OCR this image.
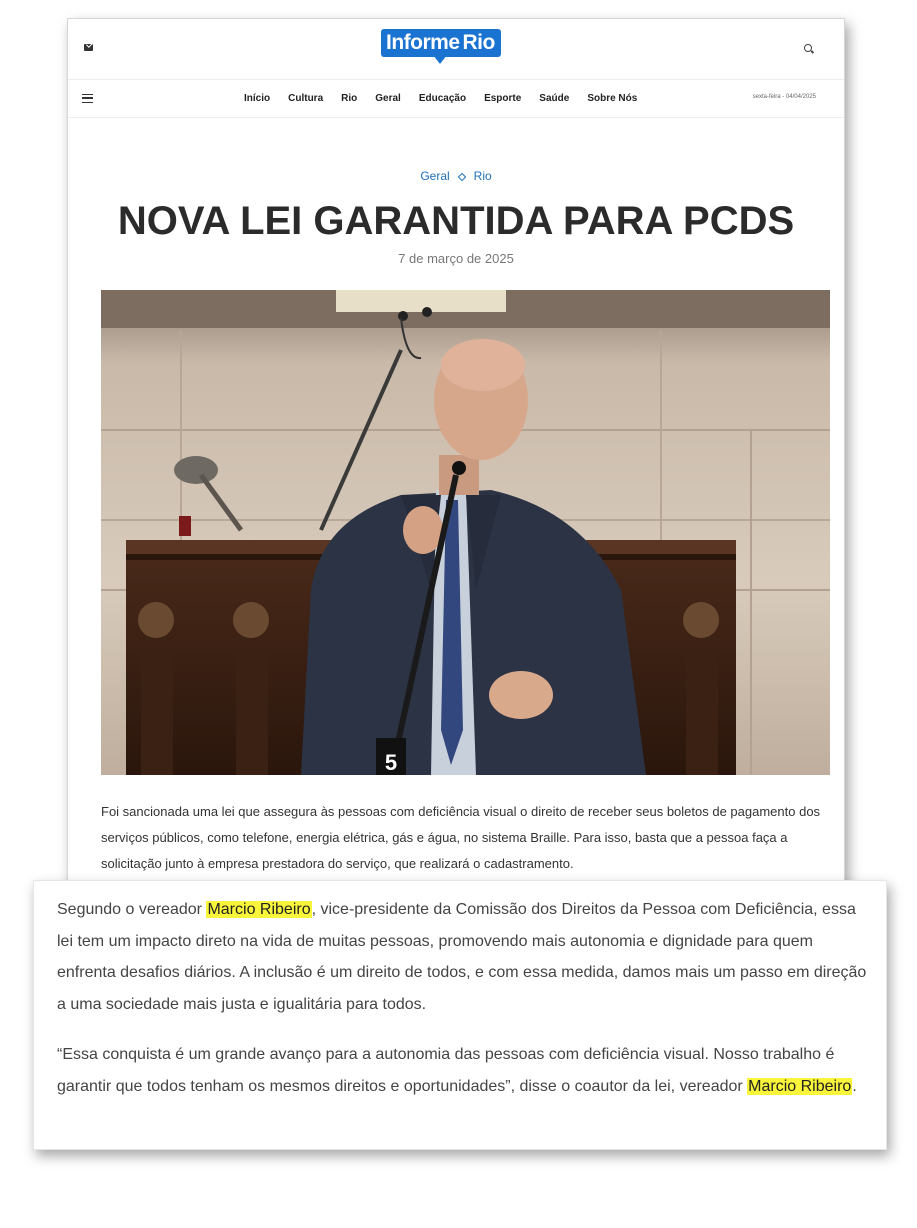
Informe Rio
Início Cultura Rio Geral Educação Esporte Saúde Sobre Nós	sexta-feira - 04/04/2025
Geral Rio
NOVA LEI GARANTIDA PARA PCDS
7 de março de 2025
5

Foi sancionada uma lei que assegura às pessoas com deficiência visual o direito de receber seus boletos de pagamento dos serviços públicos, como telefone, energia elétrica, gás e água, no sistema Braille. Para isso, basta que a pessoa faça a solicitação junto à empresa prestadora do serviço, que realizará o cadastramento.

Segundo o vereador Marcio Ribeiro, vice-presidente da Comissão dos Direitos da Pessoa com Deficiência, essa lei tem um impacto direto na vida de muitas pessoas, promovendo mais autonomia e dignidade para quem enfrenta desafios diários. A inclusão é um direito de todos, e com essa medida, damos mais um passo em direção a uma sociedade mais justa e igualitária para todos.

“Essa conquista é um grande avanço para a autonomia das pessoas com deficiência visual. Nosso trabalho é garantir que todos tenham os mesmos direitos e oportunidades”, disse o coautor da lei, vereador Marcio Ribeiro.
